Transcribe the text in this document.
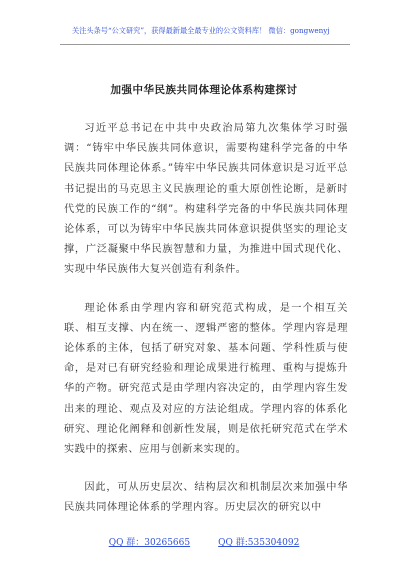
关注头条号“公文研究”，获得最新最全最专业的公文资料库！ 微信：gongwenyj
加强中华民族共同体理论体系构建探讨

习近平总书记在中共中央政治局第九次集体学习时强调：“铸牢中华民族共同体意识，需要构建科学完备的中华民族共同体理论体系。”铸牢中华民族共同体意识是习近平总书记提出的马克思主义民族理论的重大原创性论断，是新时代党的民族工作的“纲”。构建科学完备的中华民族共同体理论体系，可以为铸牢中华民族共同体意识提供坚实的理论支撑，广泛凝聚中华民族智慧和力量，为推进中国式现代化、实现中华民族伟大复兴创造有利条件。

理论体系由学理内容和研究范式构成，是一个相互关联、相互支撑、内在统一、逻辑严密的整体。学理内容是理论体系的主体，包括了研究对象、基本问题、学科性质与使命，是对已有研究经验和理论成果进行梳理、重构与提炼升华的产物。研究范式是由学理内容决定的，由学理内容生发出来的理论、观点及对应的方法论组成。学理内容的体系化研究、理论化阐释和创新性发展，则是依托研究范式在学术实践中的探索、应用与创新来实现的。

因此，可从历史层次、结构层次和机制层次来加强中华民族共同体理论体系的学理内容。历史层次的研究以中

QQ 群：30265665	QQ 群:535304092
